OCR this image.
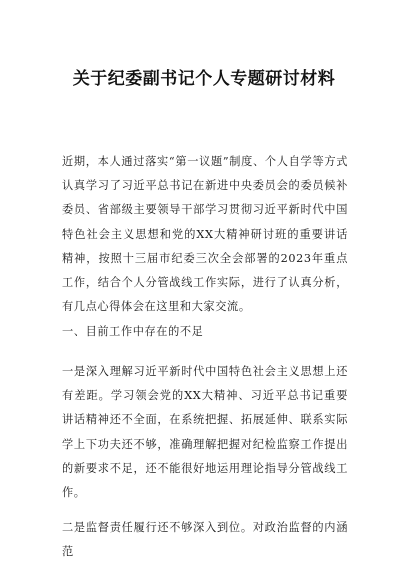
关于纪委副书记个人专题研讨材料

近期，本人通过落实“第一议题”制度、个人自学等方式认真学习了习近平总书记在新进中央委员会的委员候补委员、省部级主要领导干部学习贯彻习近平新时代中国特色社会主义思想和党的XX大精神研讨班的重要讲话精神，按照十三届市纪委三次全会部署的2023年重点工作，结合个人分管战线工作实际，进行了认真分析，有几点心得体会在这里和大家交流。

一、目前工作中存在的不足

一是深入理解习近平新时代中国特色社会主义思想上还有差距。学习领会党的XX大精神、习近平总书记重要讲话精神还不全面，在系统把握、拓展延伸、联系实际学上下功夫还不够，准确理解把握对纪检监察工作提出的新要求不足，还不能很好地运用理论指导分管战线工作。

二是监督责任履行还不够深入到位。对政治监督的内涵范
